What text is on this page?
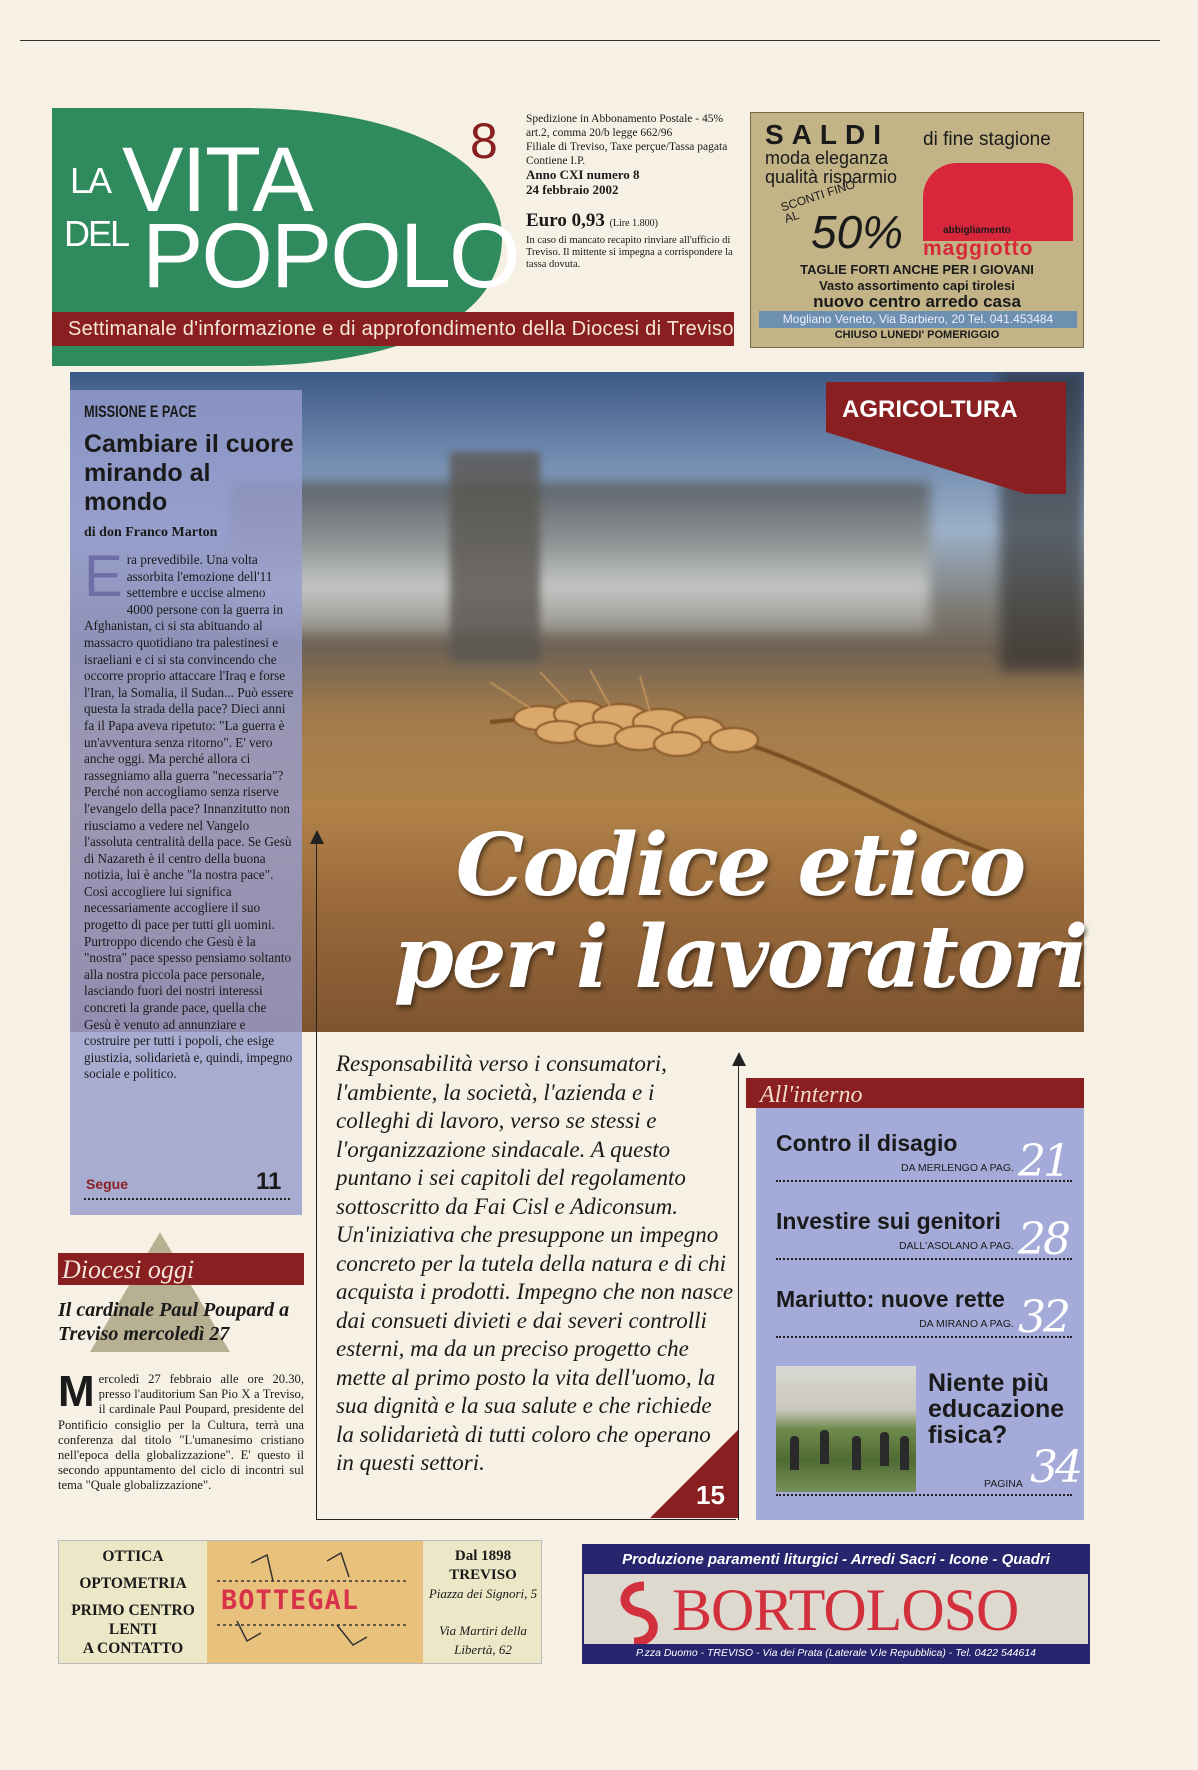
LA VITA
DEL POPOLO
Settimanale d'informazione e di approfondimento della Diocesi di Treviso
8 Spedizione in Abbonamento Postale - 45%
art.2, comma 20/b legge 662/96
Filiale di Treviso, Taxe perçue/Tassa pagata
Contiene I.P.
Anno CXI numero 8
24 febbraio 2002
Euro 0,93 (Lire 1.800)
In caso di mancato recapito rinviare all'ufficio di Treviso. Il mittente si impegna a corrispondere la tassa dovuta.
SALDI di fine stagione
moda eleganza
qualità risparmio
SCONTI FINO AL 50%	abbigliamento
maggiotto
TAGLIE FORTI ANCHE PER I GIOVANI
Vasto assortimento capi tirolesi
nuovo centro arredo casa
Mogliano Veneto, Via Barbiero, 20 Tel. 041.453484
CHIUSO LUNEDI' POMERIGGIO
AGRICOLTURA
Codice etico
per i lavoratori
MISSIONE E PACE
Cambiare il cuore mirando al mondo
di don Franco Marton
Era prevedibile. Una volta assorbita l'emozione dell'11 settembre e uccise almeno 4000 persone con la guerra in Afghanistan, ci si sta abituando al massacro quotidiano tra palestinesi e israeliani e ci si sta convincendo che occorre proprio attaccare l'Iraq e forse l'Iran, la Somalia, il Sudan... Può essere questa la strada della pace? Dieci anni fa il Papa aveva ripetuto: "La guerra è un'avventura senza ritorno". E' vero anche oggi. Ma perché allora ci rassegniamo alla guerra "necessaria"? Perché non accogliamo senza riserve l'evangelo della pace? Innanzitutto non riusciamo a vedere nel Vangelo l'assoluta centralità della pace. Se Gesù di Nazareth è il centro della buona notizia, lui è anche "la nostra pace". Così accogliere lui significa necessariamente accogliere il suo progetto di pace per tutti gli uomini. Purtroppo dicendo che Gesù è la "nostra" pace spesso pensiamo soltanto alla nostra piccola pace personale, lasciando fuori dei nostri interessi concreti la grande pace, quella che Gesù è venuto ad annunziare e costruire per tutti i popoli, che esige giustizia, solidarietà e, quindi, impegno sociale e politico.
Segue	11
Responsabilità verso i consumatori, l'ambiente, la società, l'azienda e i colleghi di lavoro, verso se stessi e l'organizzazione sindacale. A questo puntano i sei capitoli del regolamento sottoscritto da Fai Cisl e Adiconsum. Un'iniziativa che presuppone un impegno concreto per la tutela della natura e di chi acquista i prodotti. Impegno che non nasce dai consueti divieti e dai severi controlli esterni, ma da un preciso progetto che mette al primo posto la vita dell'uomo, la sua dignità e la sua salute e che richiede la solidarietà di tutti coloro che operano in questi settori.
15
All'interno
Contro il disagio
DA MERLENGO A PAG. 21
Investire sui genitori
DALL'ASOLANO A PAG. 28
Mariutto: nuove rette
DA MIRANO A PAG. 32
Niente più educazione fisica?
PAGINA 34
Diocesi oggi
Il cardinale Paul Poupard a Treviso mercoledì 27
Mercoledì 27 febbraio alle ore 20.30, presso l'auditorium San Pio X a Treviso, il cardinale Paul Poupard, presidente del Pontificio consiglio per la Cultura, terrà una conferenza dal titolo "L'umanesimo cristiano nell'epoca della globalizzazione". E' questo il secondo appuntamento del ciclo di incontri sul tema "Quale globalizzazione".
OTTICA
OPTOMETRIA
PRIMO CENTRO
LENTI
A CONTATTO
BOTTEGAL
Dal 1898
TREVISO
Piazza dei Signori, 5

Via Martiri della Libertà, 62
Produzione paramenti liturgici - Arredi Sacri - Icone - Quadri
BORTOLOSO
P.zza Duomo - TREVISO - Via dei Prata (Laterale V.le Repubblica) - Tel. 0422 544614
